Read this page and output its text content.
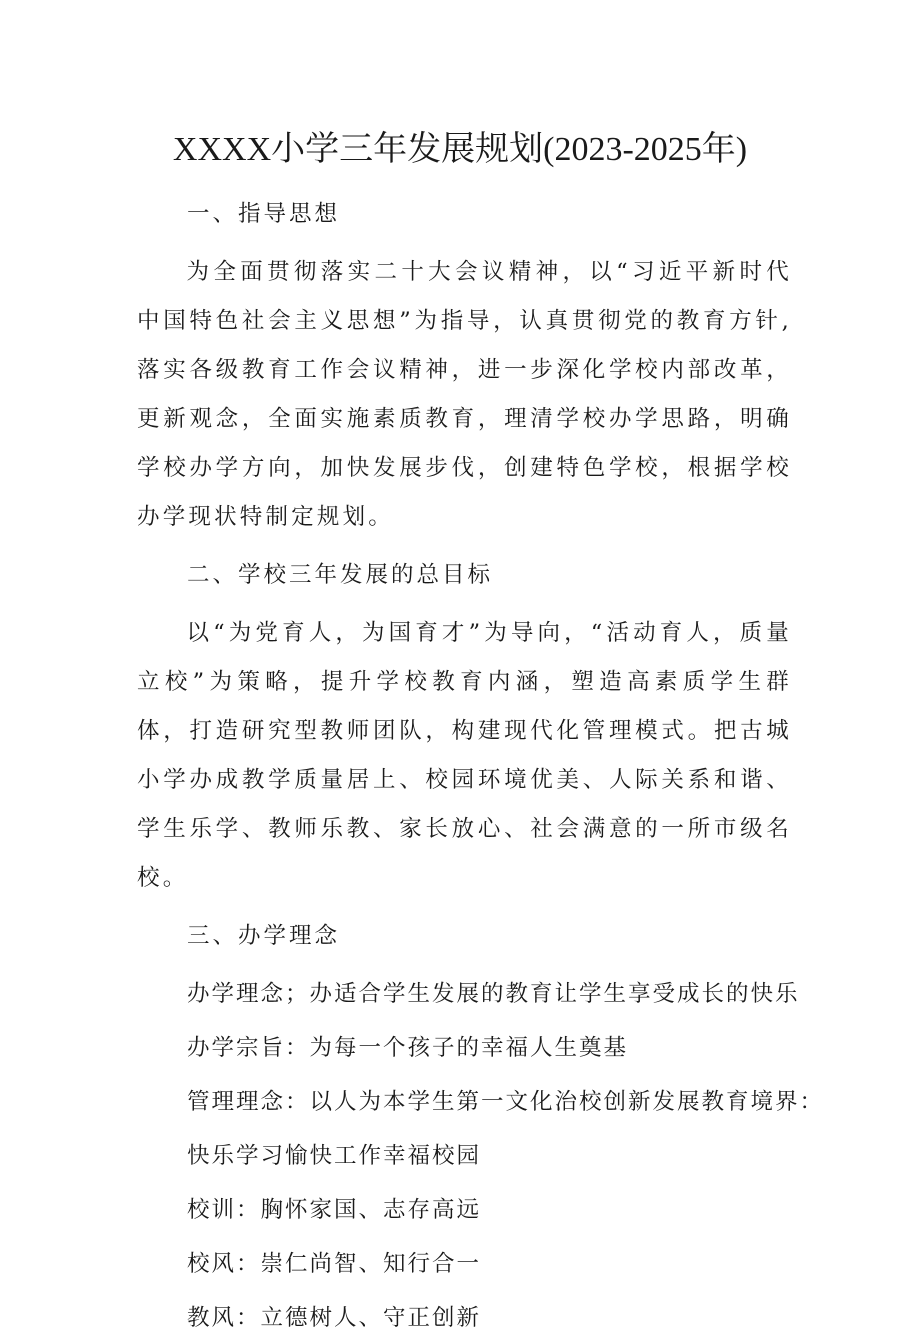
XXXX小学三年发展规划(2023-2025年)

一、指导思想

为全面贯彻落实二十大会议精神，以“习近平新时代中国特色社会主义思想”为指导，认真贯彻党的教育方针,落实各级教育工作会议精神，进一步深化学校内部改革，更新观念，全面实施素质教育，理清学校办学思路，明确学校办学方向，加快发展步伐，创建特色学校，根据学校办学现状特制定规划。

二、学校三年发展的总目标

以“为党育人，为国育才”为导向，“活动育人，质量立校”为策略，提升学校教育内涵，塑造高素质学生群体，打造研究型教师团队，构建现代化管理模式。把古城小学办成教学质量居上、校园环境优美、人际关系和谐、学生乐学、教师乐教、家长放心、社会满意的一所市级名校。

三、办学理念

办学理念；办适合学生发展的教育让学生享受成长的快乐

办学宗旨：为每一个孩子的幸福人生奠基

管理理念：以人为本学生第一文化治校创新发展教育境界：

快乐学习愉快工作幸福校园

校训：胸怀家国、志存高远

校风：崇仁尚智、知行合一

教风：立德树人、守正创新
